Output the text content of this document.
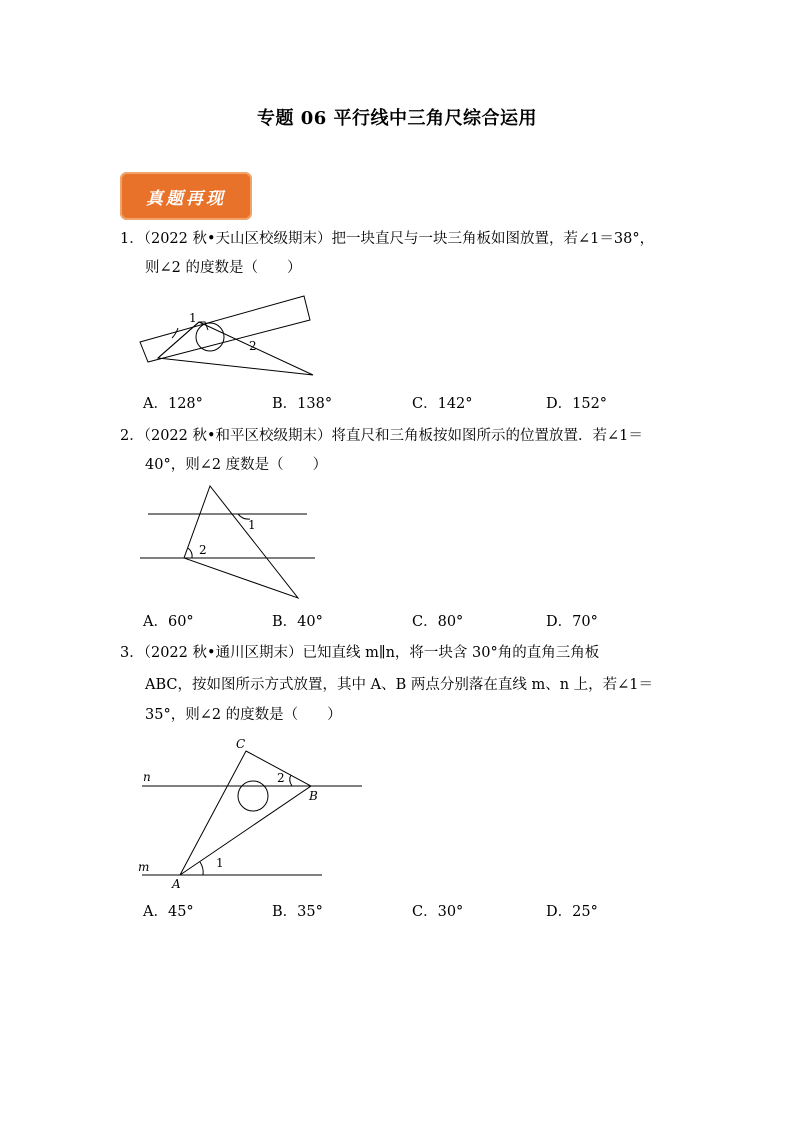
专题 06 平行线中三角尺综合运用
真题再现
1．（2022 秋•天山区校级期末）把一块直尺与一块三角板如图放置，若∠1＝38°，
则∠2 的度数是（　　）
1
2
A．128°	B．138°	C．142°	D．152°
2．（2022 秋•和平区校级期末）将直尺和三角板按如图所示的位置放置．若∠1＝
40°，则∠2 度数是（　　）
1
2
A．60°	B．40°	C．80°	D．70°
3．（2022 秋•通川区期末）已知直线 m∥n，将一块含 30°角的直角三角板
ABC，按如图所示方式放置，其中 A、B 两点分别落在直线 m、n 上，若∠1＝
35°，则∠2 的度数是（　　）
C
n	2
B
m	1
A
A．45°	B．35°	C．30°	D．25°
